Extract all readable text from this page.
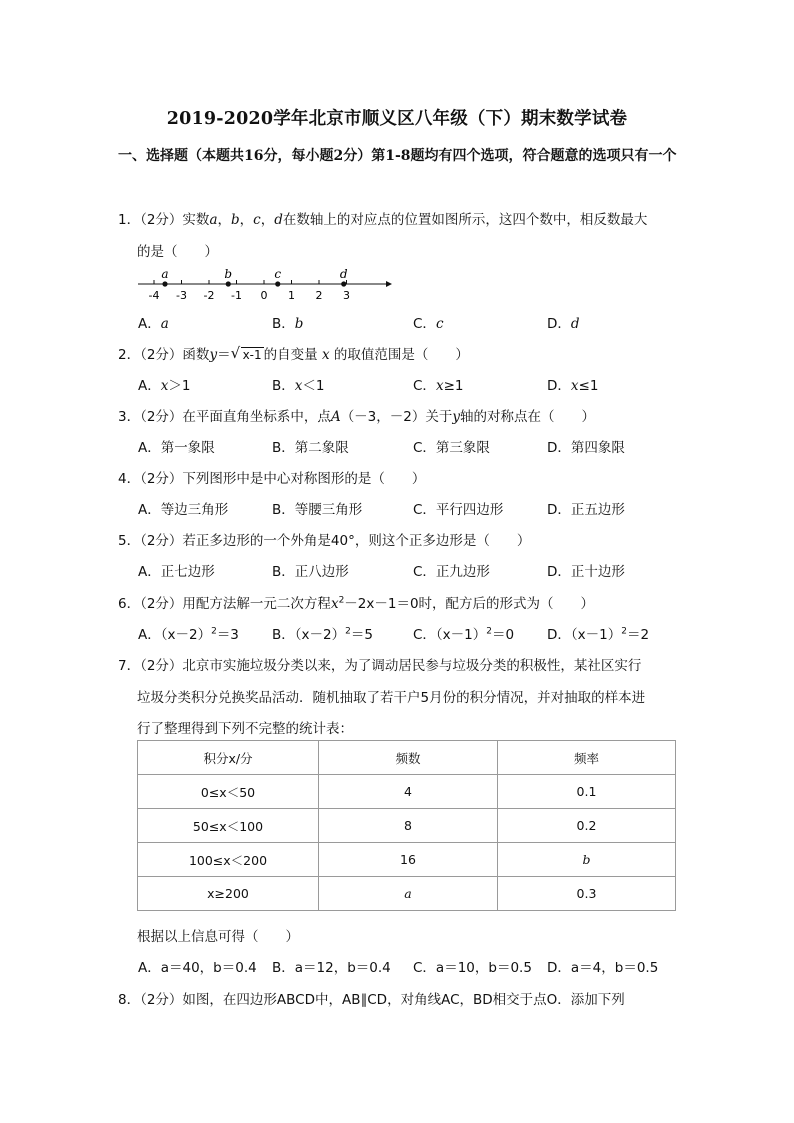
2019-2020学年北京市顺义区八年级（下）期末数学试卷
一、选择题（本题共16分，每小题2分）第1-8题均有四个选项，符合题意的选项只有一个
1．（2分）实数a，b，c，d在数轴上的对应点的位置如图所示，这四个数中，相反数最大
的是（　　）
-4 -3 -2 -1 0 1 2 3
a	b	c	d
A．a	B．b	C．c	D．d
2．（2分）函数y＝ √ x-1 的自变量 x 的取值范围是（　　）
A．x＞1	B．x＜1	C．x≥1	D．x≤1
3．（2分）在平面直角坐标系中，点A（－3，－2）关于y轴的对称点在（　　）
A．第一象限	B．第二象限	C．第三象限	D．第四象限
4．（2分）下列图形中是中心对称图形的是（　　）
A．等边三角形	B．等腰三角形	C．平行四边形	D．正五边形
5．（2分）若正多边形的一个外角是40°，则这个正多边形是（　　）
A．正七边形	B．正八边形	C．正九边形	D．正十边形
6．（2分）用配方法解一元二次方程$x^2-2x-1=0$时，配方后的形式为（　　）
A．$(x-2)^2=3$ B．$(x-2)^2=5$	C．$(x-1)^2=0$ D．$(x-1)^2=2$
7．（2分）北京市实施垃圾分类以来，为了调动居民参与垃圾分类的积极性，某社区实行
垃圾分类积分兑换奖品活动．随机抽取了若干户5月份的积分情况，并对抽取的样本进
行了整理得到下列不完整的统计表：
积分x/分	频数	频率
0≤x＜50	4	0.1
50≤x＜100	8	0.2
100≤x＜200	16	b
x≥200	a	0.3
根据以上信息可得（　　）
A．a＝40，b＝0.4 B．a＝12，b＝0.4 C．a＝10，b＝0.5 D．a＝4，b＝0.5
8．（2分）如图，在四边形ABCD中，AB∥CD，对角线AC，BD相交于点O．添加下列
